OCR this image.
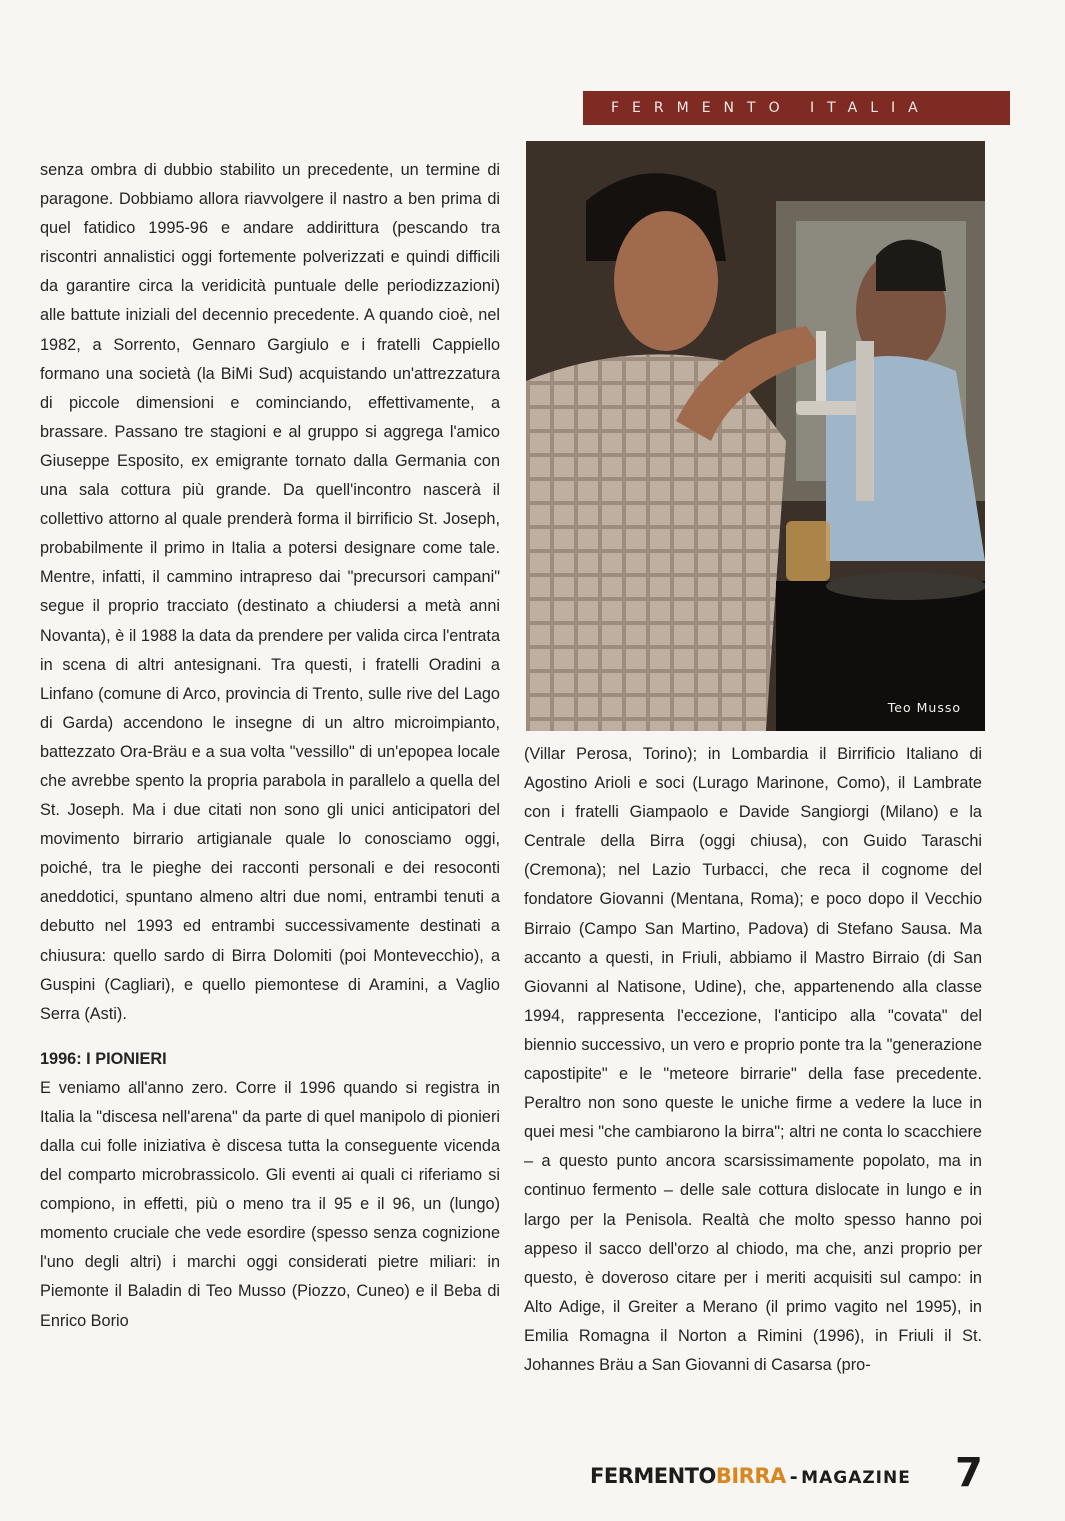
FERMENTO ITALIA

senza ombra di dubbio stabilito un precedente, un termine di paragone. Dobbiamo allora riavvolgere il nastro a ben prima di quel fatidico 1995-96 e andare addirittura (pescando tra riscontri annalistici oggi fortemente polverizzati e quindi difficili da garantire circa la veridicità puntuale delle periodizzazioni) alle battute iniziali del decennio precedente. A quando cioè, nel 1982, a Sorrento, Gennaro Gargiulo e i fratelli Cappiello formano una società (la BiMi Sud) acquistando un'attrezzatura di piccole dimensioni e cominciando, effettivamente, a brassare. Passano tre stagioni e al gruppo si aggrega l'amico Giuseppe Esposito, ex emigrante tornato dalla Germania con una sala cottura più grande. Da quell'incontro nascerà il collettivo attorno al quale prenderà forma il birrificio St. Joseph, probabilmente il primo in Italia a potersi designare come tale. Mentre, infatti, il cammino intrapreso dai "precursori campani" segue il proprio tracciato (destinato a chiudersi a metà anni Novanta), è il 1988 la data da prendere per valida circa l'entrata in scena di altri antesignani. Tra questi, i fratelli Oradini a Linfano (comune di Arco, provincia di Trento, sulle rive del Lago di Garda) accendono le insegne di un altro microimpianto, battezzato Ora-Bräu e a sua volta "vessillo" di un'epopea locale che avrebbe spento la propria parabola in parallelo a quella del St. Joseph. Ma i due citati non sono gli unici anticipatori del movimento birrario artigianale quale lo conosciamo oggi, poiché, tra le pieghe dei racconti personali e dei resoconti aneddotici, spuntano almeno altri due nomi, entrambi tenuti a debutto nel 1993 ed entrambi successivamente destinati a chiusura: quello sardo di Birra Dolomiti (poi Montevecchio), a Guspini (Cagliari), e quello piemontese di Aramini, a Vaglio Serra (Asti).

1996: I PIONIERI

E veniamo all'anno zero. Corre il 1996 quando si registra in Italia la "discesa nell'arena" da parte di quel manipolo di pionieri dalla cui folle iniziativa è discesa tutta la conseguente vicenda del comparto microbrassicolo. Gli eventi ai quali ci riferiamo si compiono, in effetti, più o meno tra il 95 e il 96, un (lungo) momento cruciale che vede esordire (spesso senza cognizione l'uno degli altri) i marchi oggi considerati pietre miliari: in Piemonte il Baladin di Teo Musso (Piozzo, Cuneo) e il Beba di Enrico Borio

Teo Musso

(Villar Perosa, Torino); in Lombardia il Birrificio Italiano di Agostino Arioli e soci (Lurago Marinone, Como), il Lambrate con i fratelli Giampaolo e Davide Sangiorgi (Milano) e la Centrale della Birra (oggi chiusa), con Guido Taraschi (Cremona); nel Lazio Turbacci, che reca il cognome del fondatore Giovanni (Mentana, Roma); e poco dopo il Vecchio Birraio (Campo San Martino, Padova) di Stefano Sausa. Ma accanto a questi, in Friuli, abbiamo il Mastro Birraio (di San Giovanni al Natisone, Udine), che, appartenendo alla classe 1994, rappresenta l'eccezione, l'anticipo alla "covata" del biennio successivo, un vero e proprio ponte tra la "generazione capostipite" e le "meteore birrarie" della fase precedente. Peraltro non sono queste le uniche firme a vedere la luce in quei mesi "che cambiarono la birra"; altri ne conta lo scacchiere – a questo punto ancora scarsissimamente popolato, ma in continuo fermento – delle sale cottura dislocate in lungo e in largo per la Penisola. Realtà che molto spesso hanno poi appeso il sacco dell'orzo al chiodo, ma che, anzi proprio per questo, è doveroso citare per i meriti acquisiti sul campo: in Alto Adige, il Greiter a Merano (il primo vagito nel 1995), in Emilia Romagna il Norton a Rimini (1996), in Friuli il St. Johannes Bräu a San Giovanni di Casarsa (pro-

FERMENTOBIRRA - MAGAZINE 7
